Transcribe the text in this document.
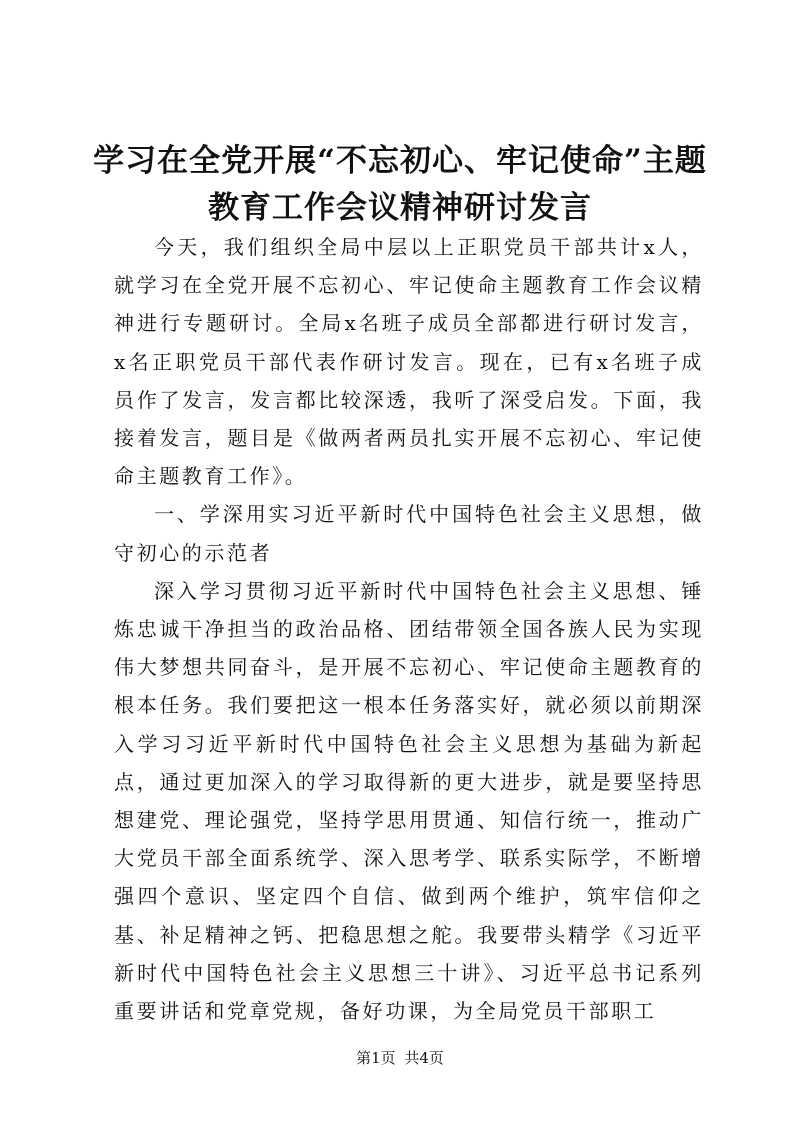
学习在全党开展“不忘初心、牢记使命”主题
教育工作会议精神研讨发言

今天，我们组织全局中层以上正职党员干部共计x人，就学习在全党开展不忘初心、牢记使命主题教育工作会议精神进行专题研讨。全局x名班子成员全部都进行研讨发言，x名正职党员干部代表作研讨发言。现在，已有x名班子成员作了发言，发言都比较深透，我听了深受启发。下面，我接着发言，题目是《做两者两员扎实开展不忘初心、牢记使命主题教育工作》。

一、学深用实习近平新时代中国特色社会主义思想，做守初心的示范者

深入学习贯彻习近平新时代中国特色社会主义思想、锤炼忠诚干净担当的政治品格、团结带领全国各族人民为实现伟大梦想共同奋斗，是开展不忘初心、牢记使命主题教育的根本任务。我们要把这一根本任务落实好，就必须以前期深入学习习近平新时代中国特色社会主义思想为基础为新起点，通过更加深入的学习取得新的更大进步，就是要坚持思想建党、理论强党，坚持学思用贯通、知信行统一，推动广大党员干部全面系统学、深入思考学、联系实际学，不断增强四个意识、坚定四个自信、做到两个维护，筑牢信仰之基、补足精神之钙、把稳思想之舵。我要带头精学《习近平新时代中国特色社会主义思想三十讲》、习近平总书记系列重要讲话和党章党规，备好功课，为全局党员干部职工

第1页 共4页
